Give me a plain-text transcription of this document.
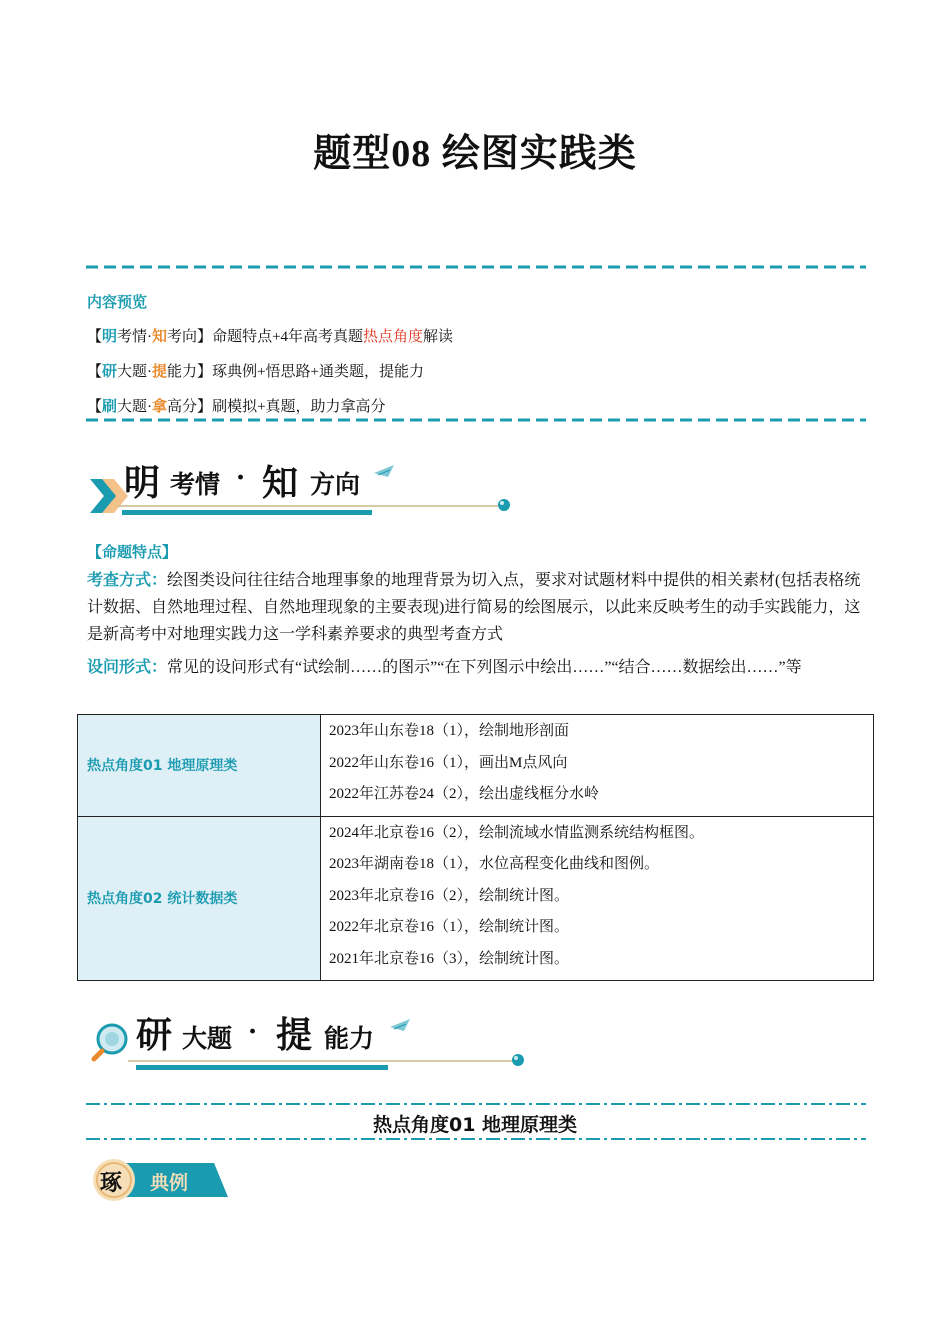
题型08 绘图实践类
内容预览
【明考情·知考向】命题特点+4年高考真题热点角度解读
【研大题·提能力】琢典例+悟思路+通类题，提能力
【刷大题·拿高分】刷模拟+真题，助力拿高分
明 考情 · 知 方向
【命题特点】
考查方式：绘图类设问往往结合地理事象的地理背景为切入点，要求对试题材料中提供的相关素材(包括表格统计数据、自然地理过程、自然地理现象的主要表现)进行简易的绘图展示，以此来反映考生的动手实践能力，这是新高考中对地理实践力这一学科素养要求的典型考查方式
设问形式：常见的设问形式有“试绘制……的图示”“在下列图示中绘出……”“结合……数据绘出……”等
热点角度01 地理原理类	2023年山东卷18（1），绘制地形剖面
2022年山东卷16（1），画出M点风向
2022年江苏卷24（2），绘出虚线框分水岭

热点角度02 统计数据类	2024年北京卷16（2），绘制流域水情监测系统结构框图。
2023年湖南卷18（1），水位高程变化曲线和图例。
2023年北京卷16（2），绘制统计图。
2022年北京卷16（1），绘制统计图。
2021年北京卷16（3），绘制统计图。
研 大题 · 提 能力
热点角度01 地理原理类
琢 典例
